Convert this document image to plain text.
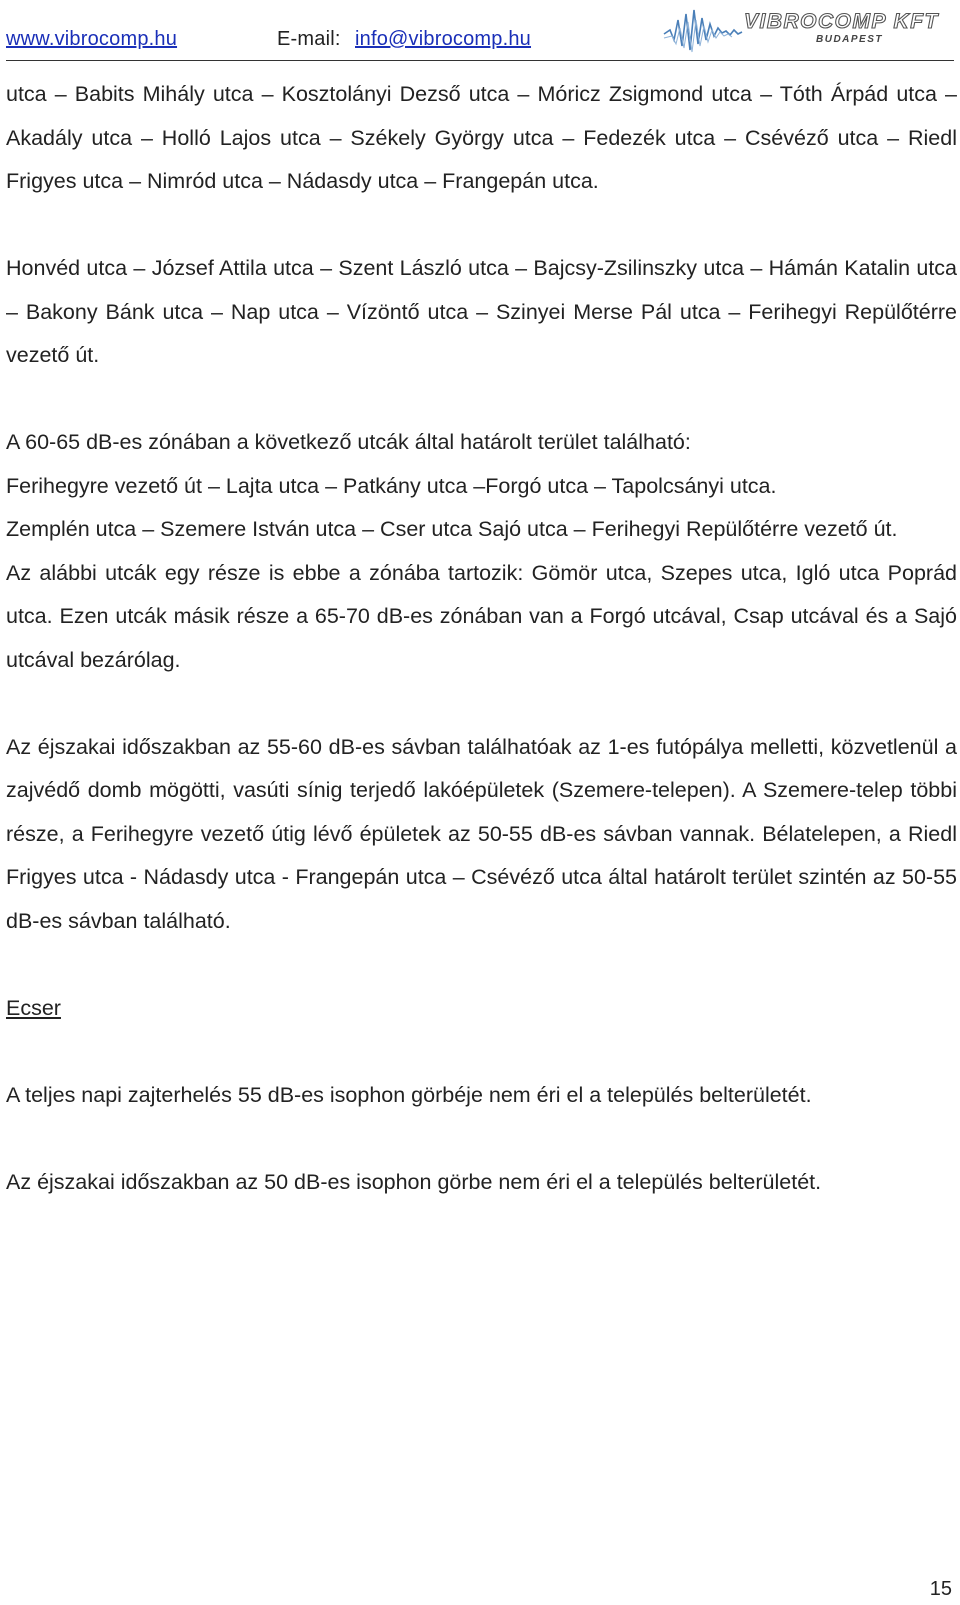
www.vibrocomp.hu	E-mail: info@vibrocomp.hu
VIBROCOMP KFT
BUDAPEST

utca – Babits Mihály utca – Kosztolányi Dezső utca – Móricz Zsigmond utca – Tóth Árpád utca – Akadály utca – Holló Lajos utca – Székely György utca – Fedezék utca – Csévéző utca – Riedl Frigyes utca – Nimród utca – Nádasdy utca – Frangepán utca.

Honvéd utca – József Attila utca – Szent László utca – Bajcsy-Zsilinszky utca – Hámán Katalin utca – Bakony Bánk utca – Nap utca – Vízöntő utca – Szinyei Merse Pál utca – Ferihegyi Repülőtérre vezető út.

A 60-65 dB-es zónában a következő utcák által határolt terület található:

Ferihegyre vezető út – Lajta utca – Patkány utca –Forgó utca – Tapolcsányi utca.

Zemplén utca – Szemere István utca – Cser utca Sajó utca – Ferihegyi Repülőtérre vezető út.

Az alábbi utcák egy része is ebbe a zónába tartozik: Gömör utca, Szepes utca, Igló utca Poprád utca. Ezen utcák másik része a 65-70 dB-es zónában van a Forgó utcával, Csap utcával és a Sajó utcával bezárólag.

Az éjszakai időszakban az 55-60 dB-es sávban találhatóak az 1-es futópálya melletti, közvetlenül a zajvédő domb mögötti, vasúti sínig terjedő lakóépületek (Szemere-telepen). A Szemere-telep többi része, a Ferihegyre vezető útig lévő épületek az 50-55 dB-es sávban vannak. Bélatelepen, a Riedl Frigyes utca - Nádasdy utca - Frangepán utca – Csévéző utca által határolt terület szintén az 50-55 dB-es sávban található.

Ecser

A teljes napi zajterhelés 55 dB-es isophon görbéje nem éri el a település belterületét.

Az éjszakai időszakban az 50 dB-es isophon görbe nem éri el a település belterületét.

15
